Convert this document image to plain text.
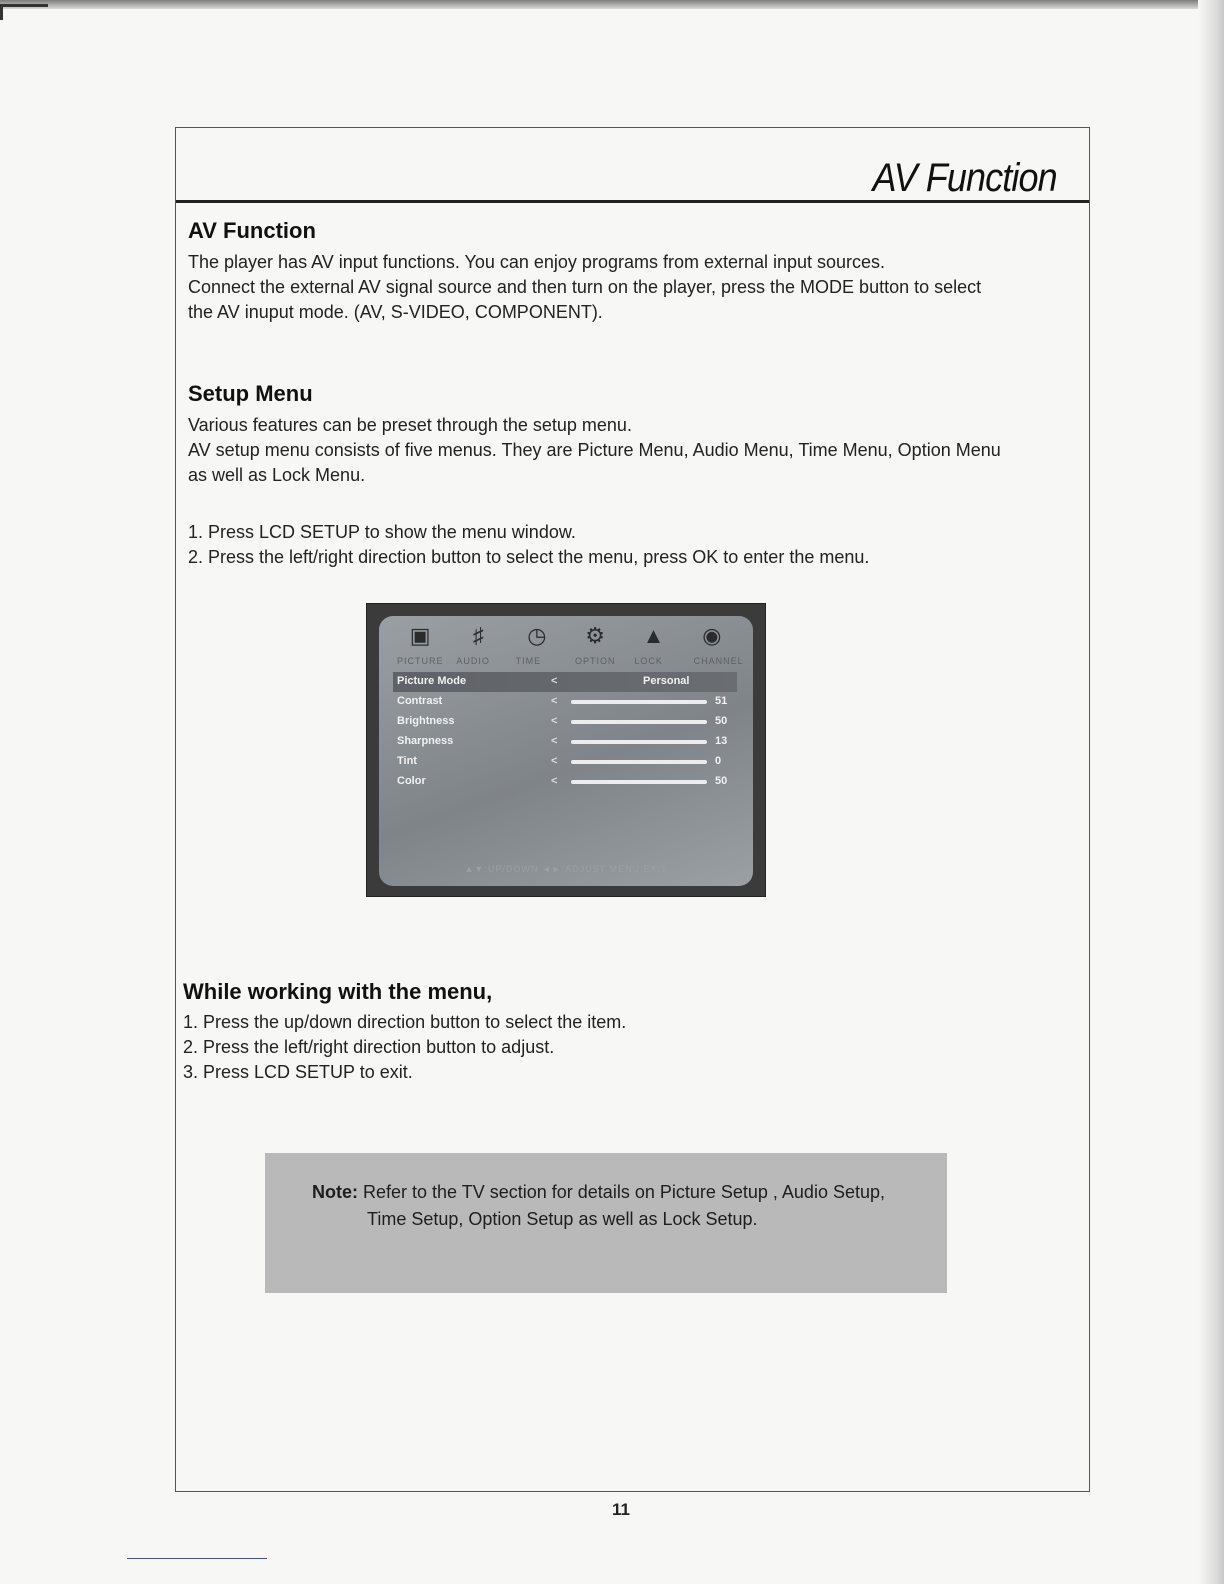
AV Function
AV Function

The player has AV input functions. You can enjoy programs from external input sources.

Connect the external AV signal source and then turn on the player, press the MODE button to select

the AV inuput mode. (AV, S-VIDEO, COMPONENT).

Setup Menu

Various features can be preset through the setup menu.

AV setup menu consists of five menus. They are Picture Menu, Audio Menu, Time Menu, Option Menu

as well as Lock Menu.

1. Press LCD SETUP to show the menu window.

2. Press the left/right direction button to select the menu, press OK to enter the menu.

▣	♯	◷ ⚙ ▲ ◉
PICTURE	AUDIO	TIME	OPTION	LOCK	CHANNEL
Picture Mode	<	Personal
Contrast	<	51
Brightness	<	50
Sharpness	<	13
Tint	<	0
Color	<	50
▲▼:UP/DOWN ◄►:ADJUST MENU:EXIT
While working with the menu,

1. Press the up/down direction button to select the item.

2. Press the left/right direction button to adjust.

3. Press LCD SETUP to exit.

Note: Refer to the TV section for details on Picture Setup , Audio Setup,
Time Setup, Option Setup as well as Lock Setup.
11
